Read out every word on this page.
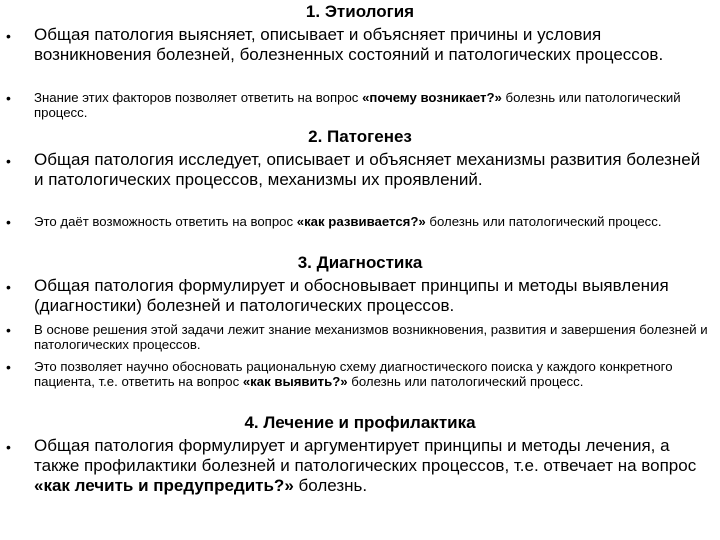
1. Этиология
• Общая патология выясняет, описывает и объясняет причины и условия возникновения болезней, болезненных состояний и патологических процессов.

• Знание этих факторов позволяет ответить на вопрос «почему возникает?» болезнь или патологический процесс.

2. Патогенез
• Общая патология исследует, описывает и объясняет механизмы развития болезней и патологических процессов, механизмы их проявлений.

• Это даёт возможность ответить на вопрос «как развивается?» болезнь или патологический процесс.

3. Диагностика
• Общая патология формулирует и обосновывает принципы и методы выявления (диагностики) болезней и патологических процессов.

• В основе решения этой задачи лежит знание механизмов возникновения, развития и завершения болезней и патологических процессов.

• Это позволяет научно обосновать рациональную схему диагностического поиска у каждого конкретного пациента, т.е. ответить на вопрос «как выявить?» болезнь или патологический процесс.

4. Лечение и профилактика
• Общая патология формулирует и аргументирует принципы и методы лечения, а также профилактики болезней и патологических процессов, т.е. отвечает на вопрос «как лечить и предупредить?» болезнь.
